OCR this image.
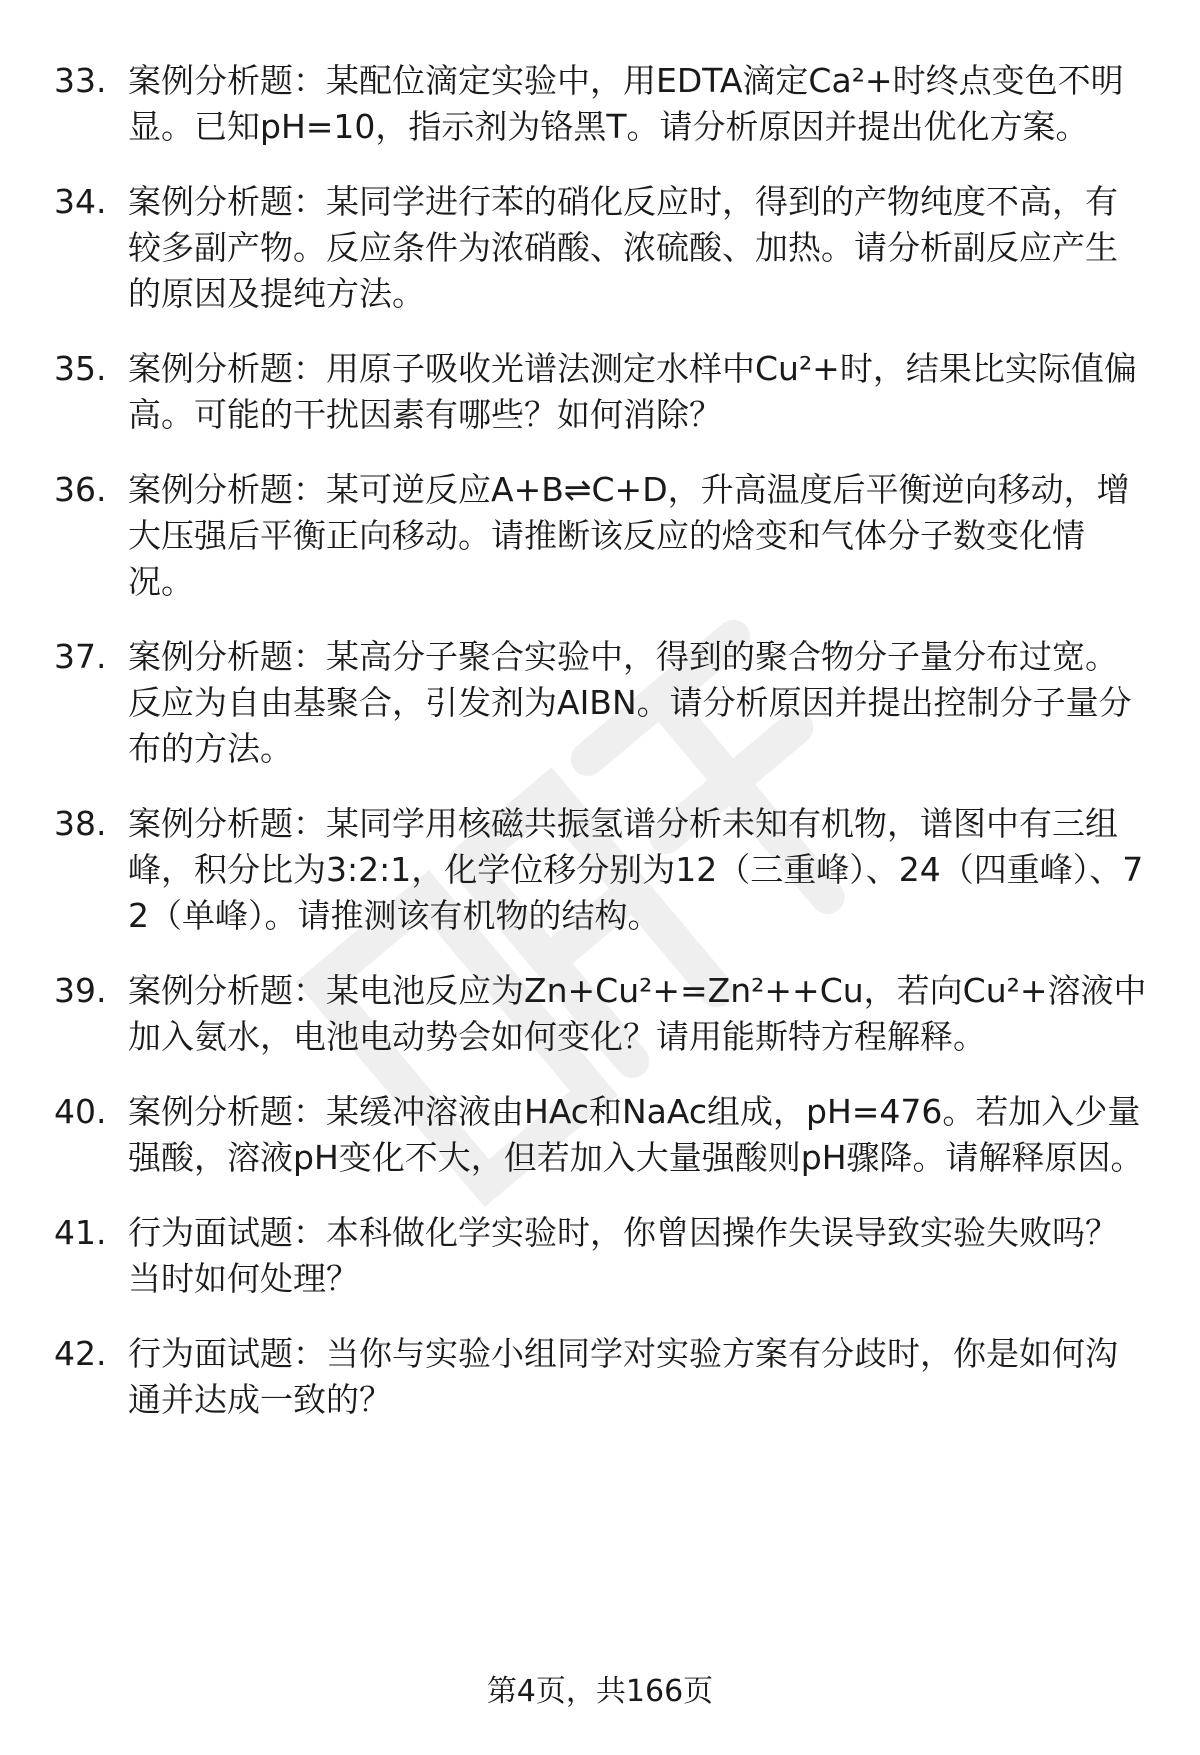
33. 案例分析题：某配位滴定实验中，用EDTA滴定Ca²+时终点变色不明显。已知pH=10，指示剂为铬黑T。请分析原因并提出优化方案。
34. 案例分析题：某同学进行苯的硝化反应时，得到的产物纯度不高，有较多副产物。反应条件为浓硝酸、浓硫酸、加热。请分析副反应产生的原因及提纯方法。
35. 案例分析题：用原子吸收光谱法测定水样中Cu²+时，结果比实际值偏高。可能的干扰因素有哪些？如何消除？
36. 案例分析题：某可逆反应A+B⇌C+D，升高温度后平衡逆向移动，增大压强后平衡正向移动。请推断该反应的焓变和气体分子数变化情况。
37. 案例分析题：某高分子聚合实验中，得到的聚合物分子量分布过宽。反应为自由基聚合，引发剂为AIBN。请分析原因并提出控制分子量分布的方法。
38. 案例分析题：某同学用核磁共振氢谱分析未知有机物，谱图中有三组峰，积分比为3:2:1，化学位移分别为12（三重峰）、24（四重峰）、72（单峰）。请推测该有机物的结构。
39. 案例分析题：某电池反应为Zn+Cu²+=Zn²++Cu，若向Cu²+溶液中加入氨水，电池电动势会如何变化？请用能斯特方程解释。
40. 案例分析题：某缓冲溶液由HAc和NaAc组成，pH=476。若加入少量强酸，溶液pH变化不大，但若加入大量强酸则pH骤降。请解释原因。
41. 行为面试题：本科做化学实验时，你曾因操作失误导致实验失败吗？当时如何处理？
42. 行为面试题：当你与实验小组同学对实验方案有分歧时，你是如何沟通并达成一致的？
第4页，共166页
